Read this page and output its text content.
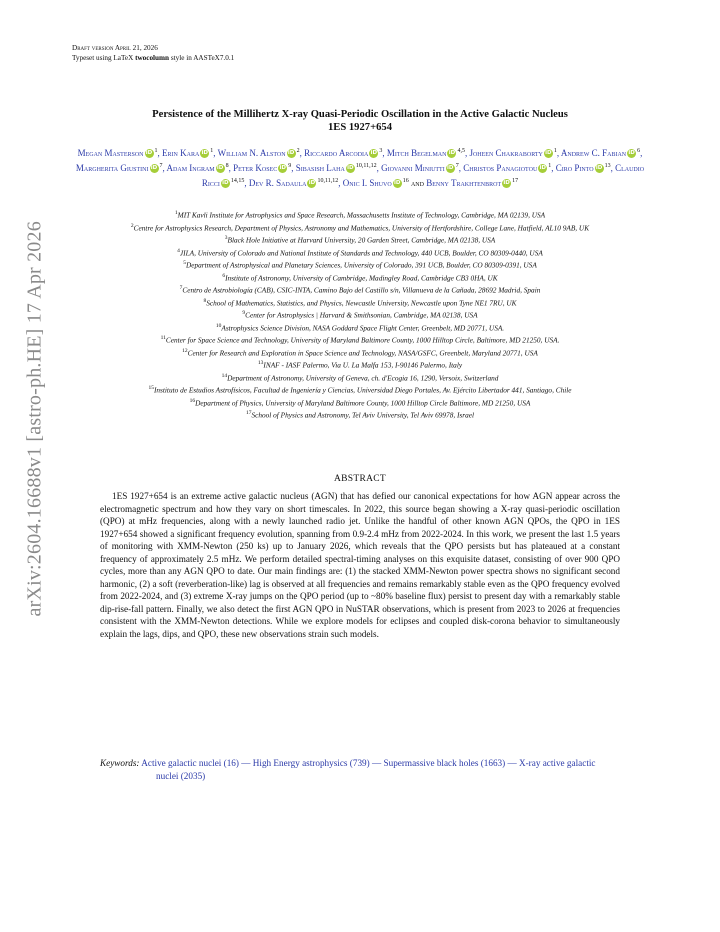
arXiv:2604.16688v1 [astro-ph.HE] 17 Apr 2026
Draft version April 21, 2026
Typeset using LaTeX twocolumn style in AASTeX7.0.1
Persistence of the Millihertz X-ray Quasi-Periodic Oscillation in the Active Galactic Nucleus
1ES 1927+654
Megan Masterson iD $^1$, Erin Kara iD $^1$, William N. Alston iD $^2$, Riccardo Arcodia iD $^3$, Mitch Begelman iD $^{4,5}$, Joheen Chakraborty iD $^1$, Andrew C. Fabian iD $^6$, Margherita Giustini iD $^7$, Adam Ingram iD $^8$, Peter Kosec iD $^9$, Sibasish Laha iD $^{10,11,12}$, Giovanni Miniutti iD $^7$, Christos Panagiotou iD $^1$, Ciro Pinto iD $^{13}$, Claudio Ricci iD $^{14,15}$, Dev R. Sadaula iD $^{10,11,12}$, Onic I. Shuvo iD $^{16}$ and Benny Trakhtenbrot iD $^{17}$
$^1$MIT Kavli Institute for Astrophysics and Space Research, Massachusetts Institute of Technology, Cambridge, MA 02139, USA
$^2$Centre for Astrophysics Research, Department of Physics, Astronomy and Mathematics, University of Hertfordshire, College Lane, Hatfield, AL10 9AB, UK
$^3$Black Hole Initiative at Harvard University, 20 Garden Street, Cambridge, MA 02138, USA
$^4$JILA, University of Colorado and National Institute of Standards and Technology, 440 UCB, Boulder, CO 80309-0440, USA
$^5$Department of Astrophysical and Planetary Sciences, University of Colorado, 391 UCB, Boulder, CO 80309-0391, USA
$^6$Institute of Astronomy, University of Cambridge, Madingley Road, Cambridge CB3 0HA, UK
$^7$Centro de Astrobiología (CAB), CSIC-INTA, Camino Bajo del Castillo s/n, Villanueva de la Cañada, 28692 Madrid, Spain
$^8$School of Mathematics, Statistics, and Physics, Newcastle University, Newcastle upon Tyne NE1 7RU, UK
$^9$Center for Astrophysics | Harvard & Smithsonian, Cambridge, MA 02138, USA
$^{10}$Astrophysics Science Division, NASA Goddard Space Flight Center, Greenbelt, MD 20771, USA.
$^{11}$Center for Space Science and Technology, University of Maryland Baltimore County, 1000 Hilltop Circle, Baltimore, MD 21250, USA.
$^{12}$Center for Research and Exploration in Space Science and Technology, NASA/GSFC, Greenbelt, Maryland 20771, USA
$^{13}$INAF - IASF Palermo, Via U. La Malfa 153, I-90146 Palermo, Italy
$^{14}$Department of Astronomy, University of Geneva, ch. d'Ecogia 16, 1290, Versoix, Switzerland
$^{15}$Instituto de Estudios Astrofísicos, Facultad de Ingeniería y Ciencias, Universidad Diego Portales, Av. Ejército Libertador 441, Santiago, Chile
$^{16}$Department of Physics, University of Maryland Baltimore County, 1000 Hilltop Circle Baltimore, MD 21250, USA
$^{17}$School of Physics and Astronomy, Tel Aviv University, Tel Aviv 69978, Israel
ABSTRACT
1ES 1927+654 is an extreme active galactic nucleus (AGN) that has defied our canonical expectations for how AGN appear across the electromagnetic spectrum and how they vary on short timescales. In 2022, this source began showing a X-ray quasi-periodic oscillation (QPO) at mHz frequencies, along with a newly launched radio jet. Unlike the handful of other known AGN QPOs, the QPO in 1ES 1927+654 showed a significant frequency evolution, spanning from 0.9-2.4 mHz from 2022-2024. In this work, we present the last 1.5 years of monitoring with XMM-Newton (250 ks) up to January 2026, which reveals that the QPO persists but has plateaued at a constant frequency of approximately 2.5 mHz. We perform detailed spectral-timing analyses on this exquisite dataset, consisting of over 900 QPO cycles, more than any AGN QPO to date. Our main findings are: (1) the stacked XMM-Newton power spectra shows no significant second harmonic, (2) a soft (reverberation-like) lag is observed at all frequencies and remains remarkably stable even as the QPO frequency evolved from 2022-2024, and (3) extreme X-ray jumps on the QPO period (up to ~80% baseline flux) persist to present day with a remarkably stable dip-rise-fall pattern. Finally, we also detect the first AGN QPO in NuSTAR observations, which is present from 2023 to 2026 at frequencies consistent with the XMM-Newton detections. While we explore models for eclipses and coupled disk-corona behavior to simultaneously explain the lags, dips, and QPO, these new observations strain such models.
Keywords: Active galactic nuclei (16) — High Energy astrophysics (739) — Supermassive black holes (1663) — X-ray active galactic nuclei (2035)
